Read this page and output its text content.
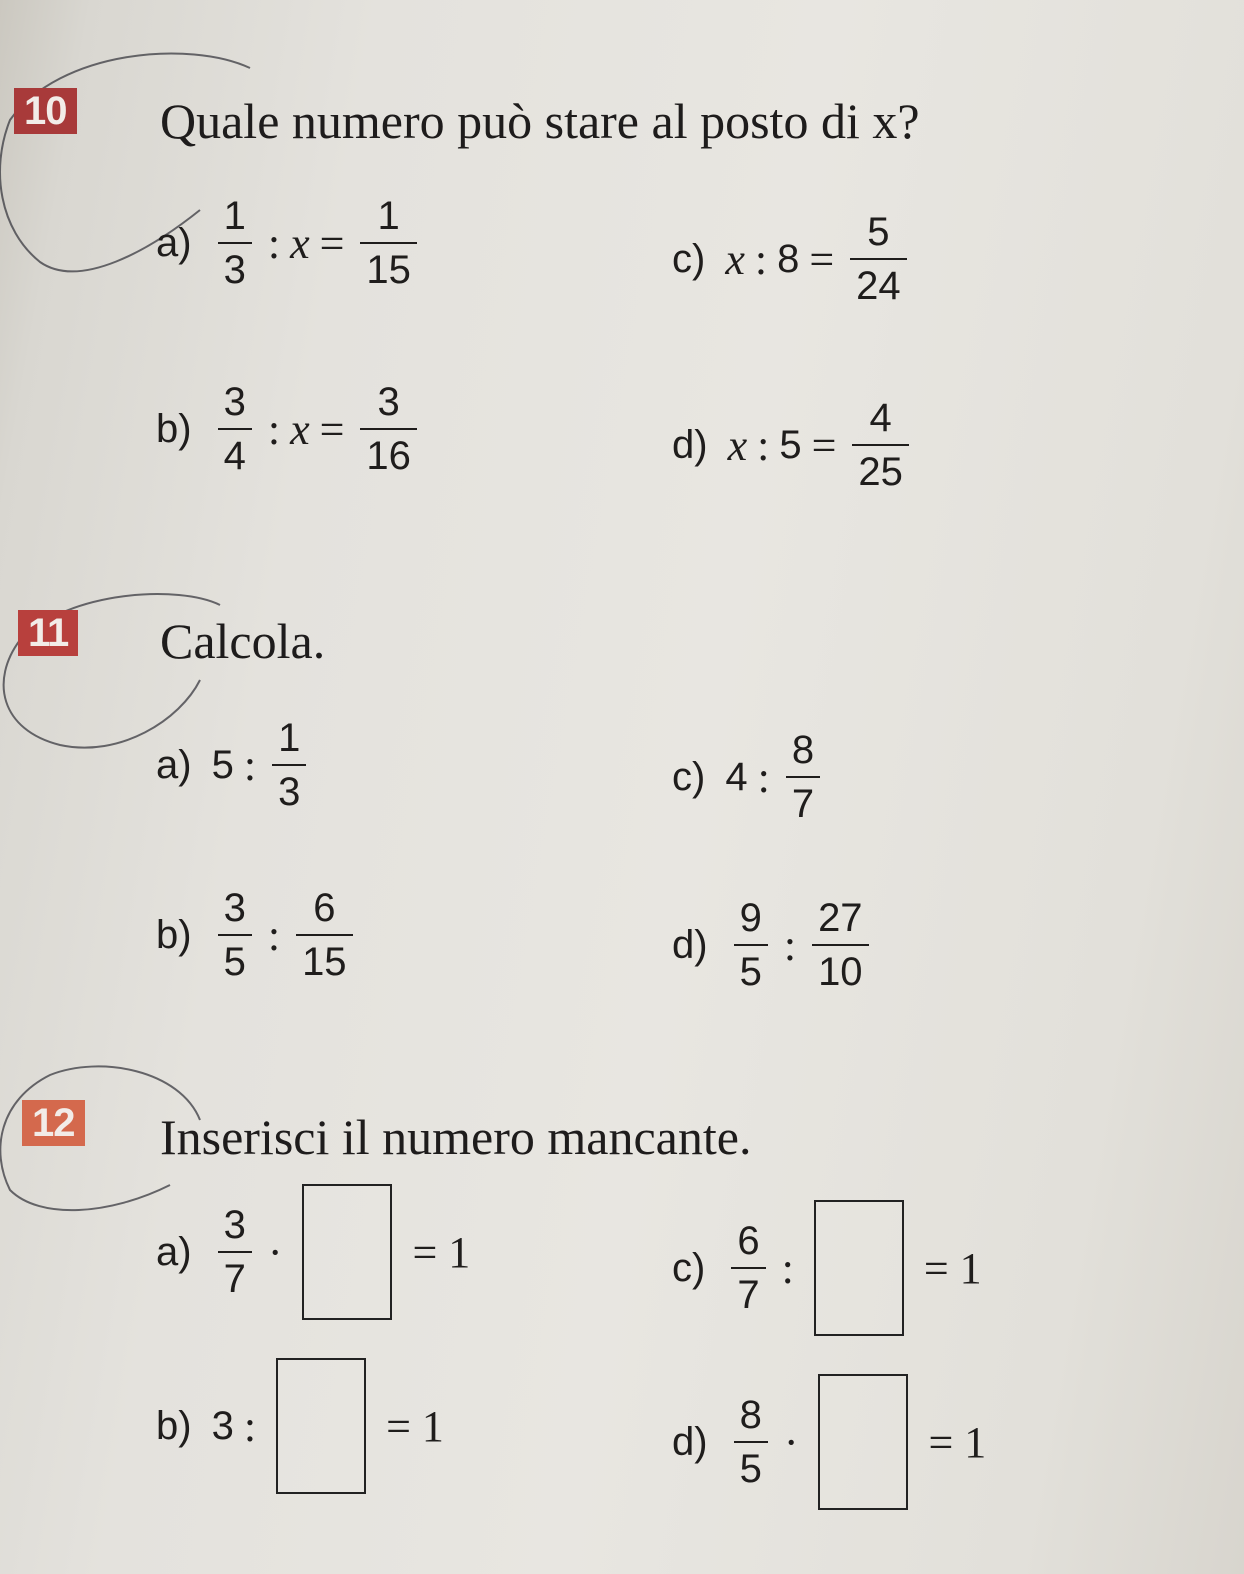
10 Quale numero può stare al posto di x?
$a) \frac{1}{3}$ : $x = \frac{1}{15}$
$b) \frac{3}{4}$ : $x = \frac{3}{16}$
c) x : $8 = \frac{5}{24}$
d) x : $5 = \frac{4}{25}$
11 Calcola.
a) 5 : $\frac{1}{3}$
$b) \frac{3}{5}$ : $\frac{6}{15}$
c) 4 : $\frac{8}{7}$
$d) \frac{9}{5}$ : $\frac{27}{10}$
12 Inserisci il numero mancante.
$a) \frac{3}{7}$ ·	= 1
b) 3 :	= 1
$c) \frac{6}{7}$ :	= 1
$d) \frac{8}{5}$ ·	= 1
